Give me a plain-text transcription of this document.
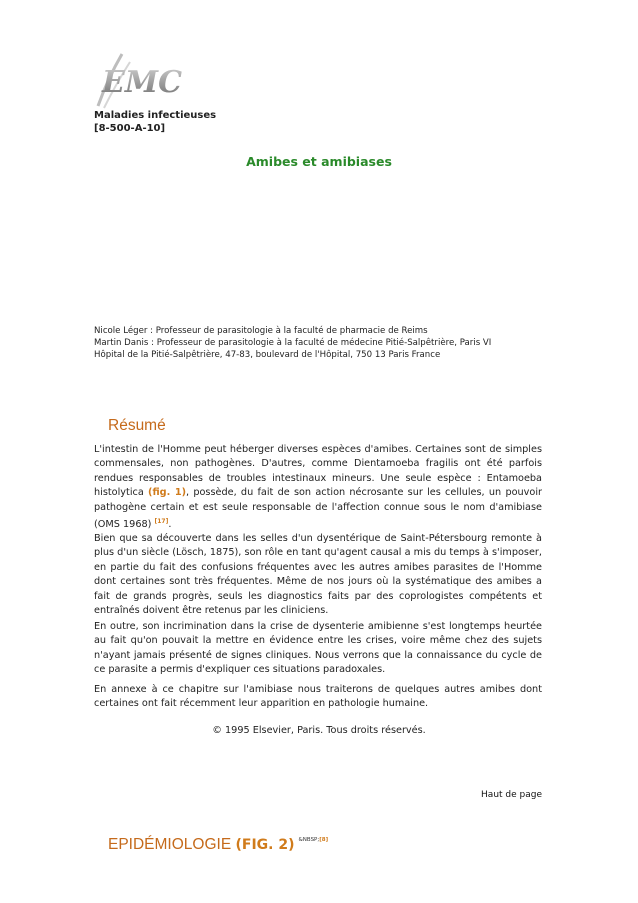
EMC
Maladies infectieuses
[8-500-A-10]
Amibes et amibiases
Nicole Léger : Professeur de parasitologie à la faculté de pharmacie de Reims
Martin Danis : Professeur de parasitologie à la faculté de médecine Pitié-Salpêtrière, Paris VI
Hôpital de la Pitié-Salpêtrière, 47-83, boulevard de l'Hôpital, 750 13 Paris France
Résumé
L'intestin de l'Homme peut héberger diverses espèces d'amibes. Certaines sont de simples commensales, non pathogènes. D'autres, comme Dientamoeba fragilis ont été parfois rendues responsables de troubles intestinaux mineurs. Une seule espèce : Entamoeba histolytica (fig. 1), possède, du fait de son action nécrosante sur les cellules, un pouvoir pathogène certain et est seule responsable de l'affection connue sous le nom d'amibiase (OMS 1968) [17].
Bien que sa découverte dans les selles d'un dysentérique de Saint-Pétersbourg remonte à plus d'un siècle (Lösch, 1875), son rôle en tant qu'agent causal a mis du temps à s'imposer, en partie du fait des confusions fréquentes avec les autres amibes parasites de l'Homme dont certaines sont très fréquentes. Même de nos jours où la systématique des amibes a fait de grands progrès, seuls les diagnostics faits par des coprologistes compétents et entraînés doivent être retenus par les cliniciens.
En outre, son incrimination dans la crise de dysenterie amibienne s'est longtemps heurtée au fait qu'on pouvait la mettre en évidence entre les crises, voire même chez des sujets n'ayant jamais présenté de signes cliniques. Nous verrons que la connaissance du cycle de ce parasite a permis d'expliquer ces situations paradoxales.
En annexe à ce chapitre sur l'amibiase nous traiterons de quelques autres amibes dont certaines ont fait récemment leur apparition en pathologie humaine.
© 1995 Elsevier, Paris. Tous droits réservés.
Haut de page
EPIDÉMIOLOGIE (FIG. 2) $^{\&NBSP;[8]}$
